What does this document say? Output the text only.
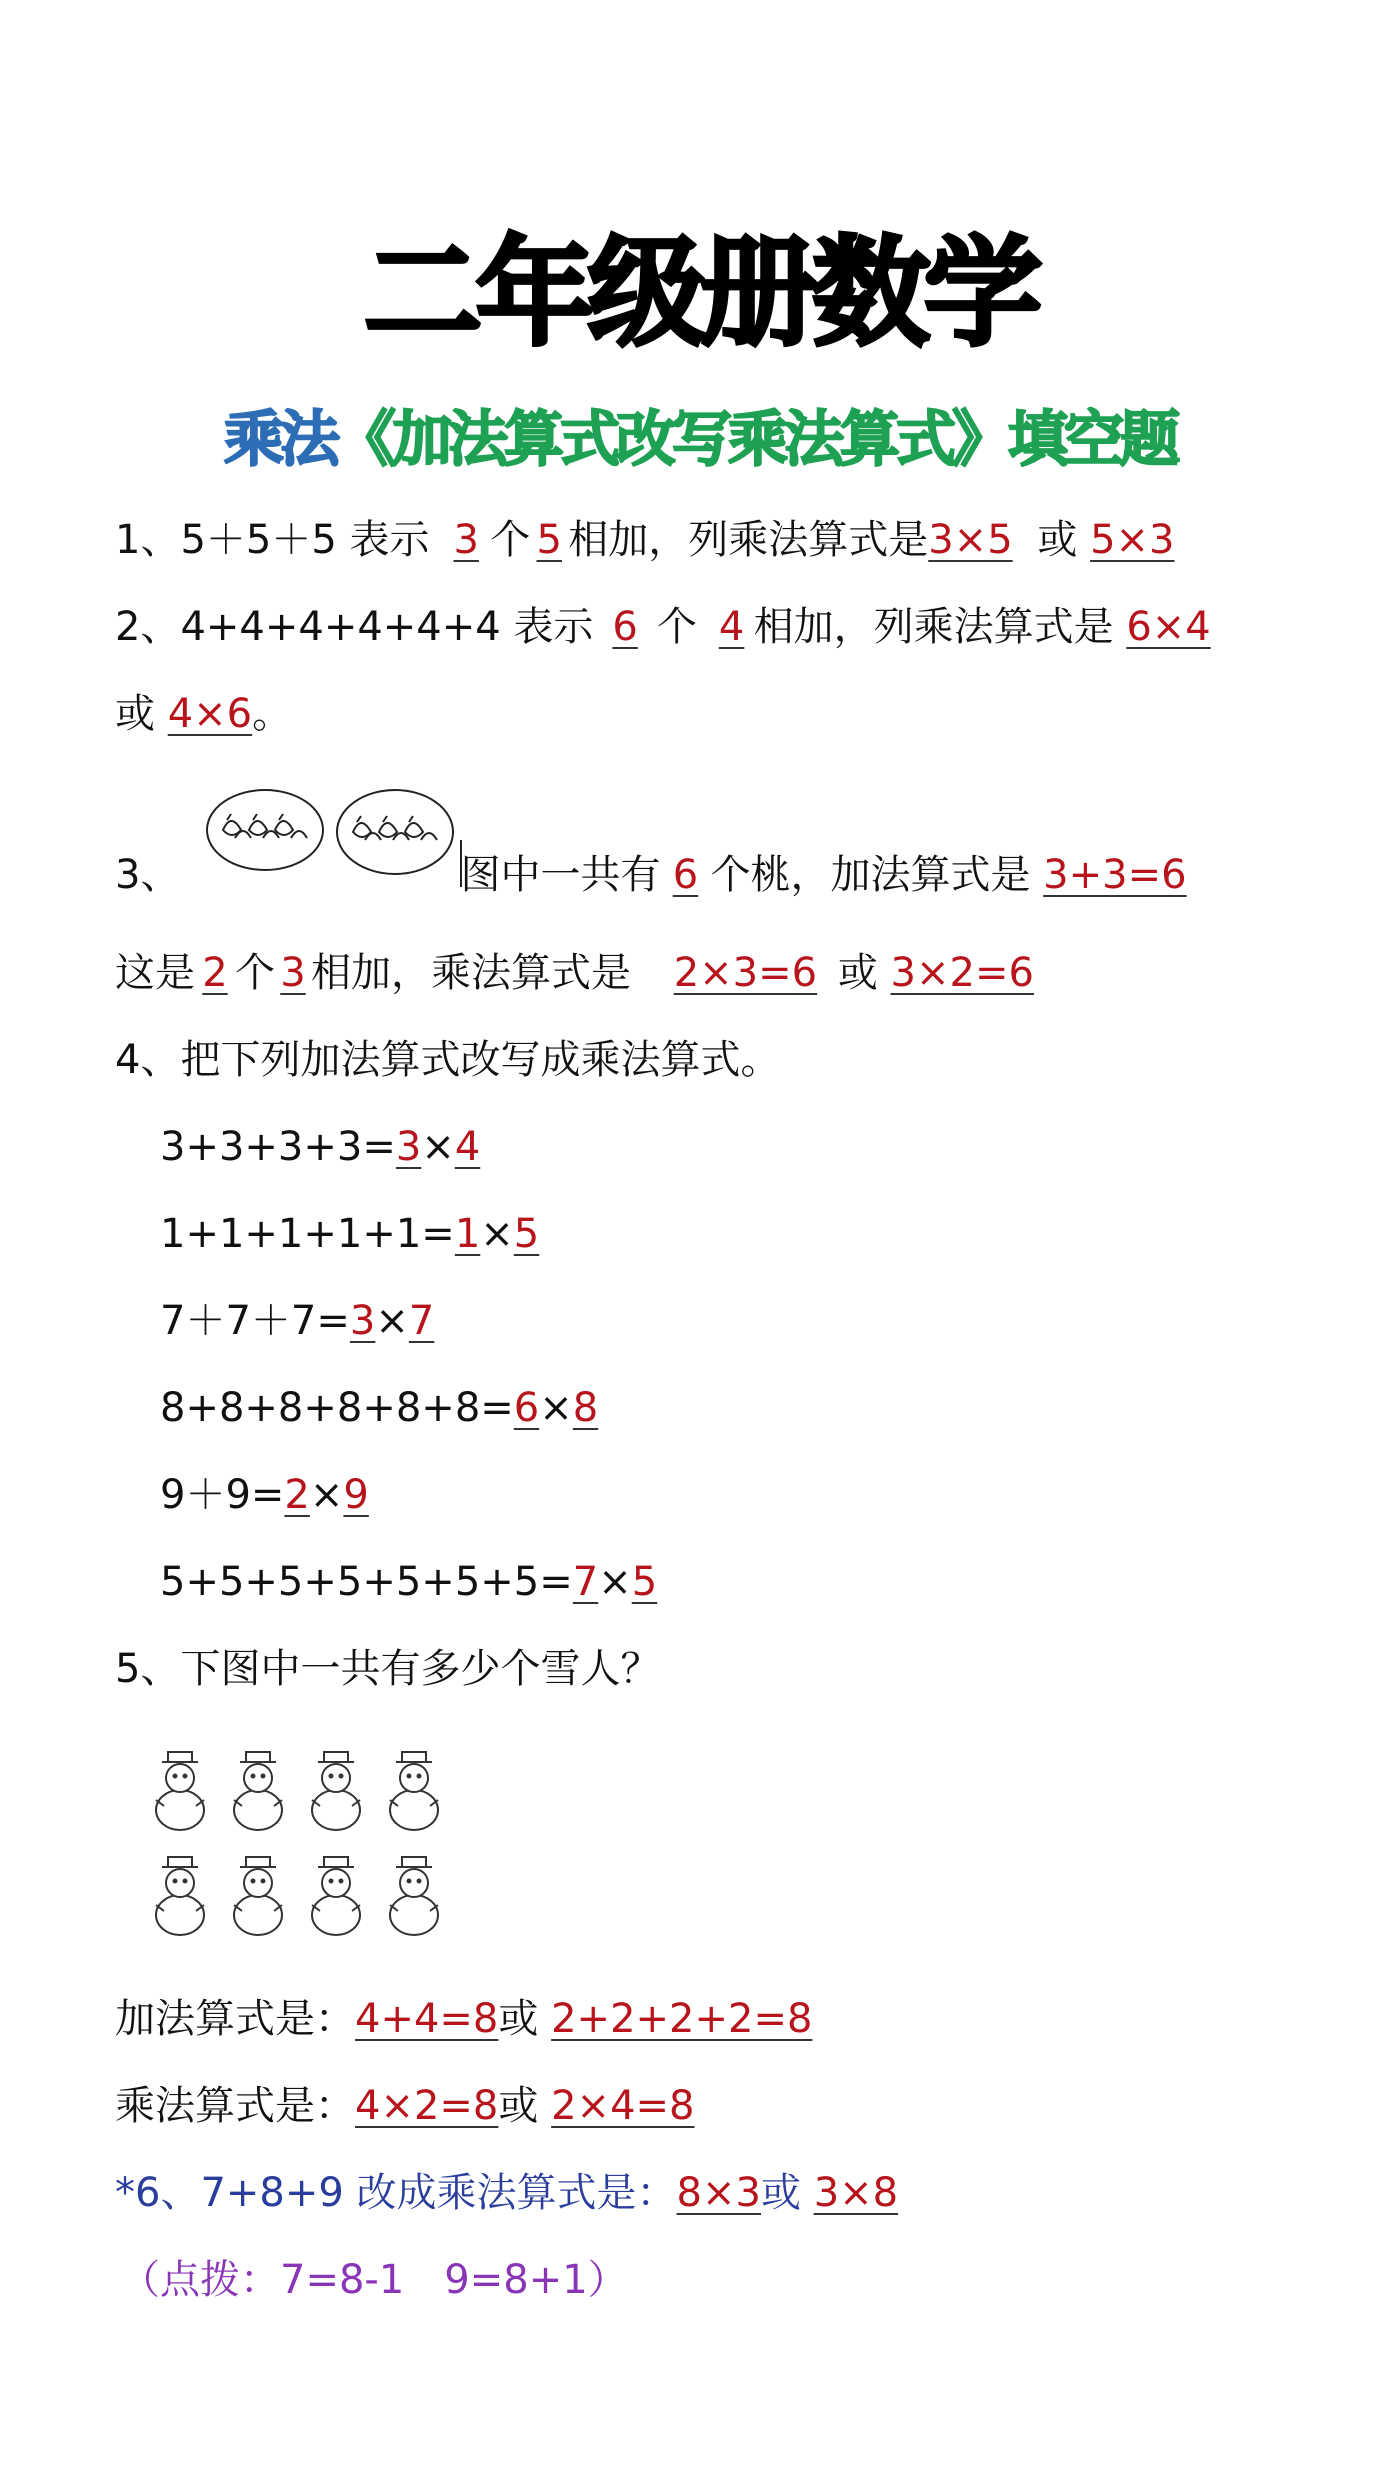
二年级册数学
乘法《加法算式改写乘法算式》填空题
1、5＋5＋5 表示 3 个 5 相加，列乘法算式是3×5 或 5×3
2、4+4+4+4+4+4 表示 6 个 4 相加，列乘法算式是 6×4
或 4×6。
3、	图中一共有 6 个桃，加法算式是 3+3=6
这是 2 个 3 相加，乘法算式是 2×3=6 或 3×2=6
4、把下列加法算式改写成乘法算式。
3+3+3+3=3×4
1+1+1+1+1=1×5
7＋7＋7=3×7
8+8+8+8+8+8=6×8
9＋9=2×9
5+5+5+5+5+5+5=7×5
5、下图中一共有多少个雪人？
加法算式是：4+4=8或 2+2+2+2=8
乘法算式是：4×2=8或 2×4=8
*6、7+8+9 改成乘法算式是：8×3或 3×8
（点拨：7=8-1　9=8+1）
